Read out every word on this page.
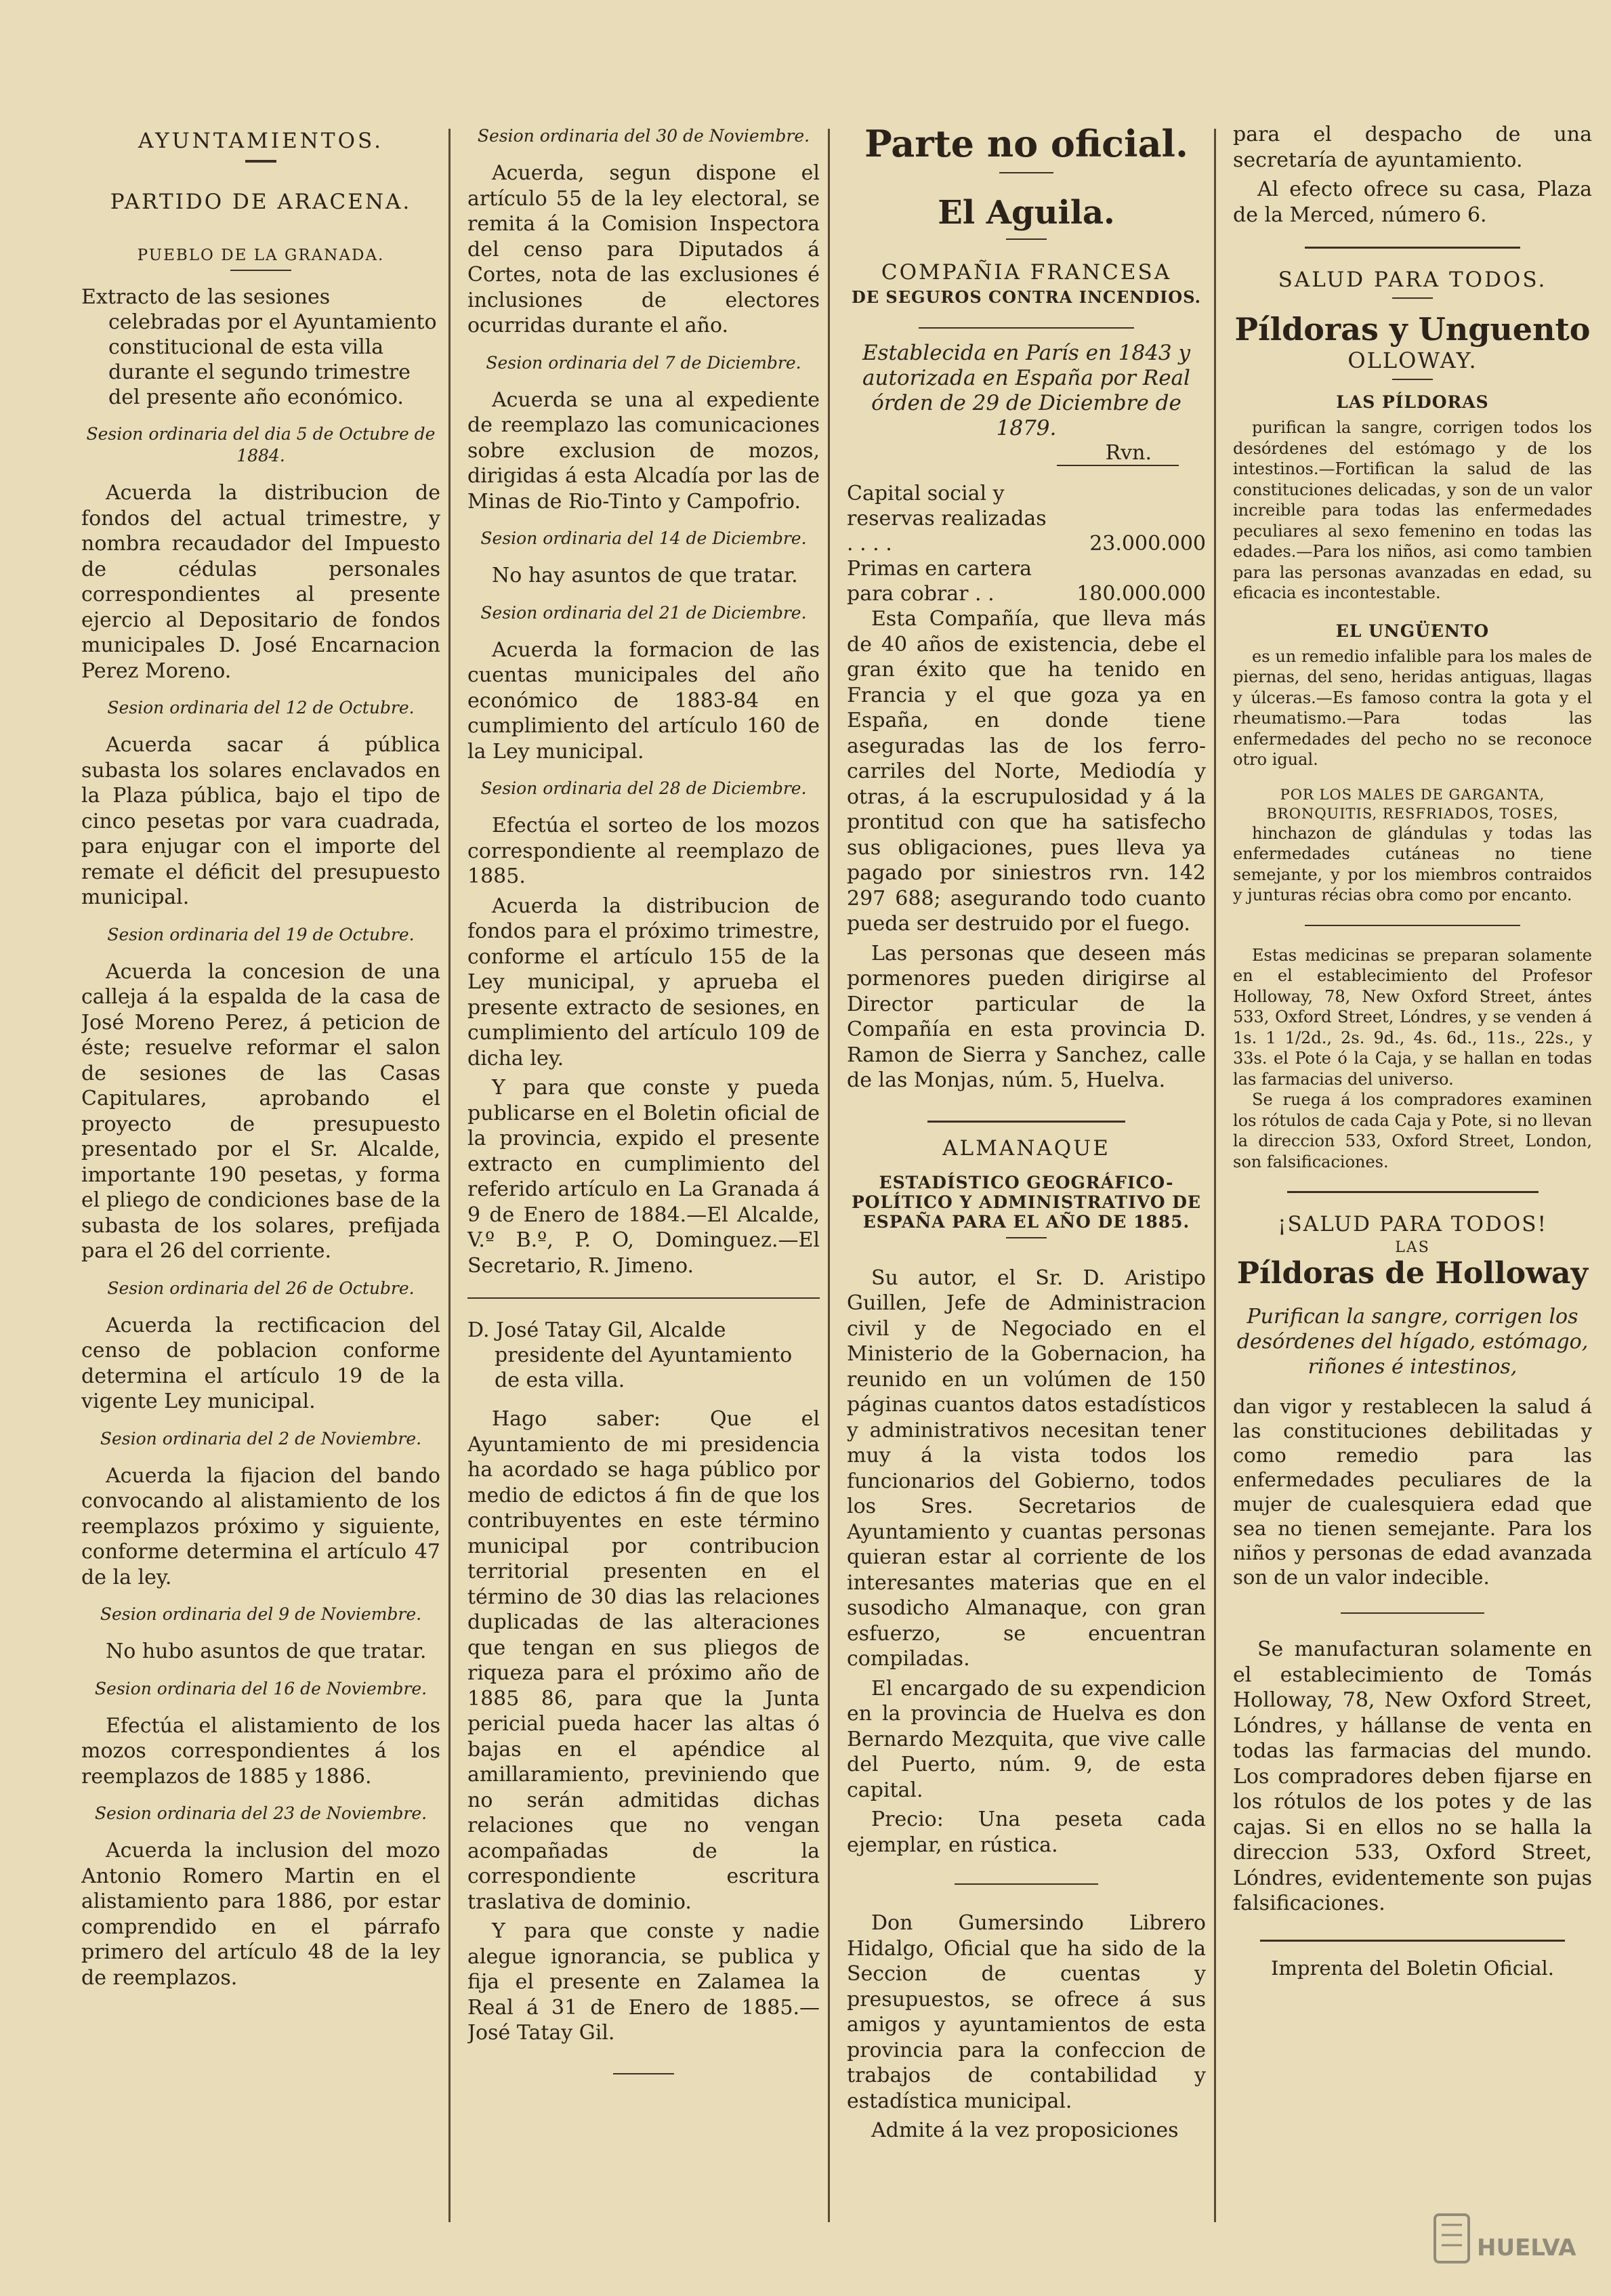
AYUNTAMIENTOS.
PARTIDO DE ARACENA.
PUEBLO DE LA GRANADA.

Extracto de las sesiones celebradas por el Ayuntamiento constitucional de esta villa durante el segundo trimestre del presente año económico.

Sesion ordinaria del dia 5 de Octubre de 1884.

Acuerda la distribucion de fondos del actual trimestre, y nombra recaudador del Impuesto de cédulas personales correspondientes al presente ejercio al Depositario de fondos municipales D. José Encarnacion Perez Moreno.

Sesion ordinaria del 12 de Octubre.

Acuerda sacar á pública subasta los solares enclavados en la Plaza pública, bajo el tipo de cinco pesetas por vara cuadrada, para enjugar con el importe del remate el déficit del presupuesto municipal.

Sesion ordinaria del 19 de Octubre.

Acuerda la concesion de una calleja á la espalda de la casa de José Moreno Perez, á peticion de éste; resuelve reformar el salon de sesiones de las Casas Capitulares, aprobando el proyecto de presupuesto presentado por el Sr. Alcalde, importante 190 pesetas, y forma el pliego de condiciones base de la subasta de los solares, prefijada para el 26 del corriente.

Sesion ordinaria del 26 de Octubre.

Acuerda la rectificacion del censo de poblacion conforme determina el artículo 19 de la vigente Ley municipal.

Sesion ordinaria del 2 de Noviembre.

Acuerda la fijacion del bando convocando al alistamiento de los reemplazos próximo y siguiente, conforme determina el artículo 47 de la ley.

Sesion ordinaria del 9 de Noviembre.

No hubo asuntos de que tratar.

Sesion ordinaria del 16 de Noviembre.

Efectúa el alistamiento de los mozos correspondientes á los reemplazos de 1885 y 1886.

Sesion ordinaria del 23 de Noviembre.

Acuerda la inclusion del mozo Antonio Romero Martin en el alistamiento para 1886, por estar comprendido en el párrafo primero del artículo 48 de la ley de reemplazos.

Sesion ordinaria del 30 de Noviembre.

Acuerda, segun dispone el artículo 55 de la ley electoral, se remita á la Comision Inspectora del censo para Diputados á Cortes, nota de las exclusiones é inclusiones de electores ocurridas durante el año.

Sesion ordinaria del 7 de Diciembre.

Acuerda se una al expediente de reemplazo las comunicaciones sobre exclusion de mozos, dirigidas á esta Alcadía por las de Minas de Rio-Tinto y Campofrio.

Sesion ordinaria del 14 de Diciembre.

No hay asuntos de que tratar.

Sesion ordinaria del 21 de Diciembre.

Acuerda la formacion de las cuentas municipales del año económico de 1883-84 en cumplimiento del artículo 160 de la Ley municipal.

Sesion ordinaria del 28 de Diciembre.

Efectúa el sorteo de los mozos correspondiente al reemplazo de 1885.

Acuerda la distribucion de fondos para el próximo trimestre, conforme el artículo 155 de la Ley municipal, y aprueba el presente extracto de sesiones, en cumplimiento del artículo 109 de dicha ley.

Y para que conste y pueda publicarse en el Boletin oficial de la provincia, expido el presente extracto en cumplimiento del referido artículo en La Granada á 9 de Enero de 1884.—El Alcalde, V.º B.º, P. O, Dominguez.—El Secretario, R. Jimeno.

D. José Tatay Gil, Alcalde presidente del Ayuntamiento de esta villa.

Hago saber: Que el Ayuntamiento de mi presidencia ha acordado se haga público por medio de edictos á fin de que los contribuyentes en este término municipal por contribucion territorial presenten en el término de 30 dias las relaciones duplicadas de las alteraciones que tengan en sus pliegos de riqueza para el próximo año de 1885 86, para que la Junta pericial pueda hacer las altas ó bajas en el apéndice al amillaramiento, previniendo que no serán admitidas dichas relaciones que no vengan acompañadas de la correspondiente escritura traslativa de dominio.

Y para que conste y nadie alegue ignorancia, se publica y fija el presente en Zalamea la Real á 31 de Enero de 1885.—José Tatay Gil.

Parte no oficial.
El Aguila.
COMPAÑIA FRANCESA
DE SEGUROS CONTRA INCENDIOS.
Establecida en París en 1843 y autorizada en España por Real órden de 29 de Diciembre de 1879.
Rvn.
Capital social y reservas realizadas . . . .	23.000.000
Primas en cartera para cobrar . .	180.000.000

Esta Compañía, que lleva más de 40 años de existencia, debe el gran éxito que ha tenido en Francia y el que goza ya en España, en donde tiene aseguradas las de los ferro-carriles del Norte, Mediodía y otras, á la escrupulosidad y á la prontitud con que ha satisfecho sus obligaciones, pues lleva ya pagado por siniestros rvn. 142 297 688; asegurando todo cuanto pueda ser destruido por el fuego.

Las personas que deseen más pormenores pueden dirigirse al Director particular de la Compañía en esta provincia D. Ramon de Sierra y Sanchez, calle de las Monjas, núm. 5, Huelva.

ALMANAQUE
ESTADÍSTICO GEOGRÁFICO-POLÍTICO Y ADMINISTRATIVO DE ESPAÑA PARA EL AÑO DE 1885.

Su autor, el Sr. D. Aristipo Guillen, Jefe de Administracion civil y de Negociado en el Ministerio de la Gobernacion, ha reunido en un volúmen de 150 páginas cuantos datos estadísticos y administrativos necesitan tener muy á la vista todos los funcionarios del Gobierno, todos los Sres. Secretarios de Ayuntamiento y cuantas personas quieran estar al corriente de los interesantes materias que en el susodicho Almanaque, con gran esfuerzo, se encuentran compiladas.

El encargado de su expendicion en la provincia de Huelva es don Bernardo Mezquita, que vive calle del Puerto, núm. 9, de esta capital.

Precio: Una peseta cada ejemplar, en rústica.

Don Gumersindo Librero Hidalgo, Oficial que ha sido de la Seccion de cuentas y presupuestos, se ofrece á sus amigos y ayuntamientos de esta provincia para la confeccion de trabajos de contabilidad y estadística municipal.

Admite á la vez proposiciones

para el despacho de una secretaría de ayuntamiento.

Al efecto ofrece su casa, Plaza de la Merced, número 6.

SALUD PARA TODOS.
Píldoras y Unguento
OLLOWAY.
LAS PÍLDORAS

purifican la sangre, corrigen todos los desórdenes del estómago y de los intestinos.—Fortifican la salud de las constituciones delicadas, y son de un valor increible para todas las enfermedades peculiares al sexo femenino en todas las edades.—Para los niños, asi como tambien para las personas avanzadas en edad, su eficacia es incontestable.

EL UNGÜENTO

es un remedio infalible para los males de piernas, del seno, heridas antiguas, llagas y úlceras.—Es famoso contra la gota y el rheumatismo.—Para todas las enfermedades del pecho no se reconoce otro igual.

POR LOS MALES DE GARGANTA, BRONQUITIS, RESFRIADOS, TOSES,

hinchazon de glándulas y todas las enfermedades cutáneas no tiene semejante, y por los miembros contraidos y junturas récias obra como por encanto.

Estas medicinas se preparan solamente en el establecimiento del Profesor Holloway, 78, New Oxford Street, ántes 533, Oxford Street, Lóndres, y se venden á 1s. 1 1/2d., 2s. 9d., 4s. 6d., 11s., 22s., y 33s. el Pote ó la Caja, y se hallan en todas las farmacias del universo.

Se ruega á los compradores examinen los rótulos de cada Caja y Pote, si no llevan la direccion 533, Oxford Street, London, son falsificaciones.

¡SALUD PARA TODOS!
LAS
Píldoras de Holloway
Purifican la sangre, corrigen los desórdenes del hígado, estómago, riñones é intestinos,

dan vigor y restablecen la salud á las constituciones debilitadas y como remedio para las enfermedades peculiares de la mujer de cualesquiera edad que sea no tienen semejante. Para los niños y personas de edad avanzada son de un valor indecible.

Se manufacturan solamente en el establecimiento de Tomás Holloway, 78, New Oxford Street, Lóndres, y hállanse de venta en todas las farmacias del mundo. Los compradores deben fijarse en los rótulos de los potes y de las cajas. Si en ellos no se halla la direccion 533, Oxford Street, Lóndres, evidentemente son pujas falsificaciones.

Imprenta del Boletin Oficial.
HUELVA
